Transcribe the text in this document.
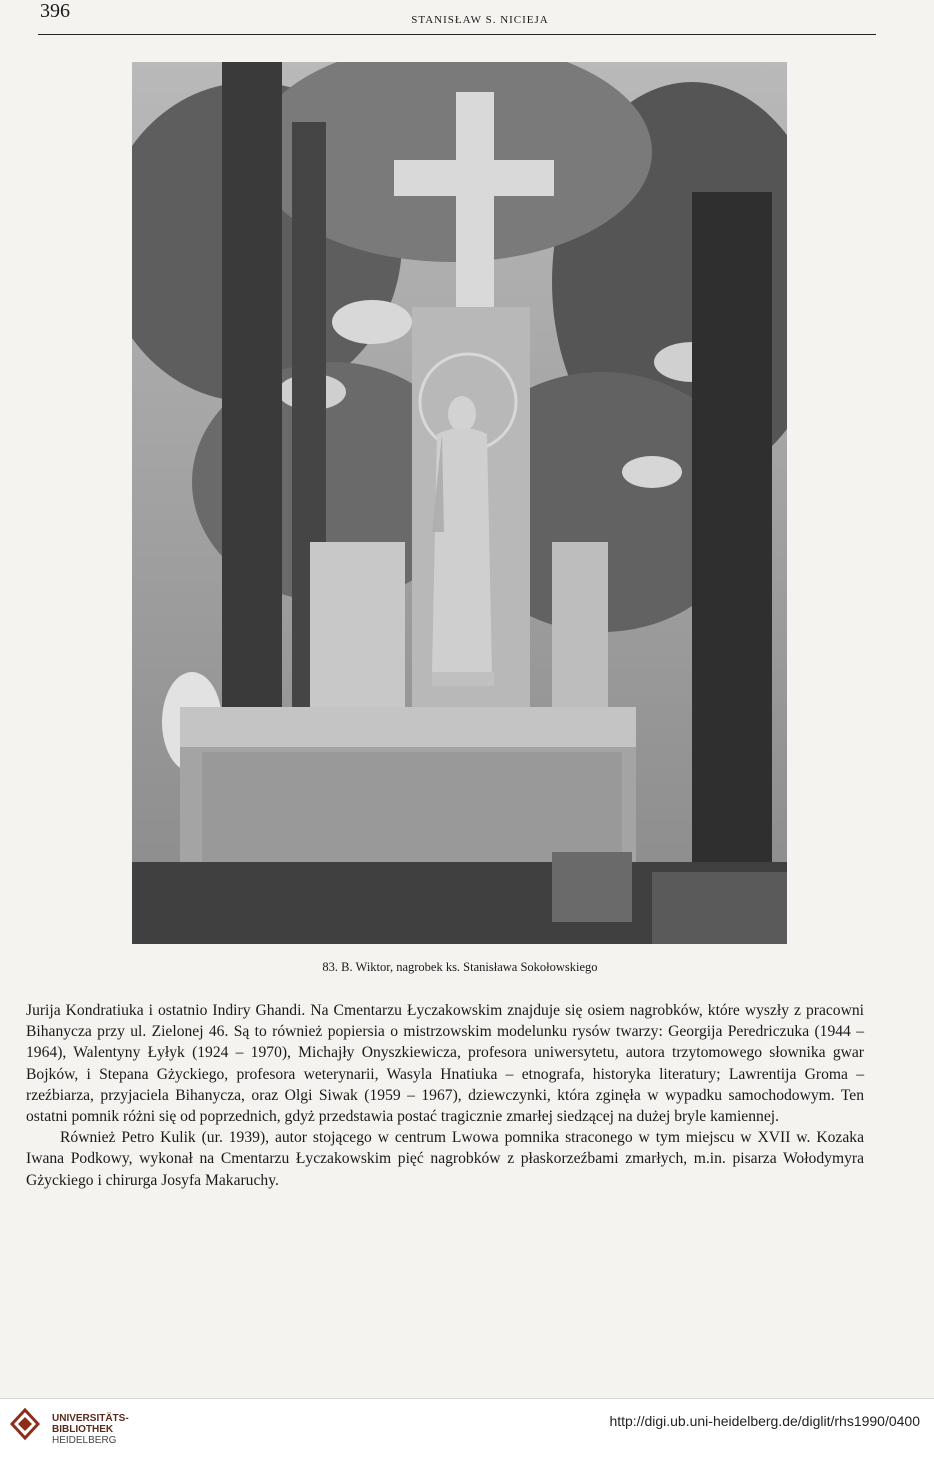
396	STANISŁAW S. NICIEJA
83. B. Wiktor, nagrobek ks. Stanisława Sokołowskiego

Jurija Kondratiuka i ostatnio Indiry Ghandi. Na Cmentarzu Łyczakowskim znajduje się osiem nagrobków, które wyszły z pracowni Bihanycza przy ul. Zielonej 46. Są to również popiersia o mistrzowskim modelunku rysów twarzy: Georgija Peredriczuka (1944 – 1964), Walentyny Łyłyk (1924 – 1970), Michajły Onyszkiewicza, profesora uniwersytetu, autora trzytomowego słownika gwar Bojków, i Stepana Gżyckiego, profesora weterynarii, Wasyla Hnatiuka – etnografa, historyka literatury; Lawrentija Groma – rzeźbiarza, przyjaciela Bihanycza, oraz Olgi Siwak (1959 – 1967), dziewczynki, która zginęła w wypadku samochodowym. Ten ostatni pomnik różni się od poprzednich, gdyż przedstawia postać tragicznie zmarłej siedzącej na dużej bryle kamiennej.

Również Petro Kulik (ur. 1939), autor stojącego w centrum Lwowa pomnika straconego w tym miejscu w XVII w. Kozaka Iwana Podkowy, wykonał na Cmentarzu Łyczakowskim pięć nagrobków z płaskorzeźbami zmarłych, m.in. pisarza Wołodymyra Gżyckiego i chirurga Josyfa Makaruchy.

UNIVERSITÄTS-
BIBLIOTHEK
HEIDELBERG
http://digi.ub.uni-heidelberg.de/diglit/rhs1990/0400
